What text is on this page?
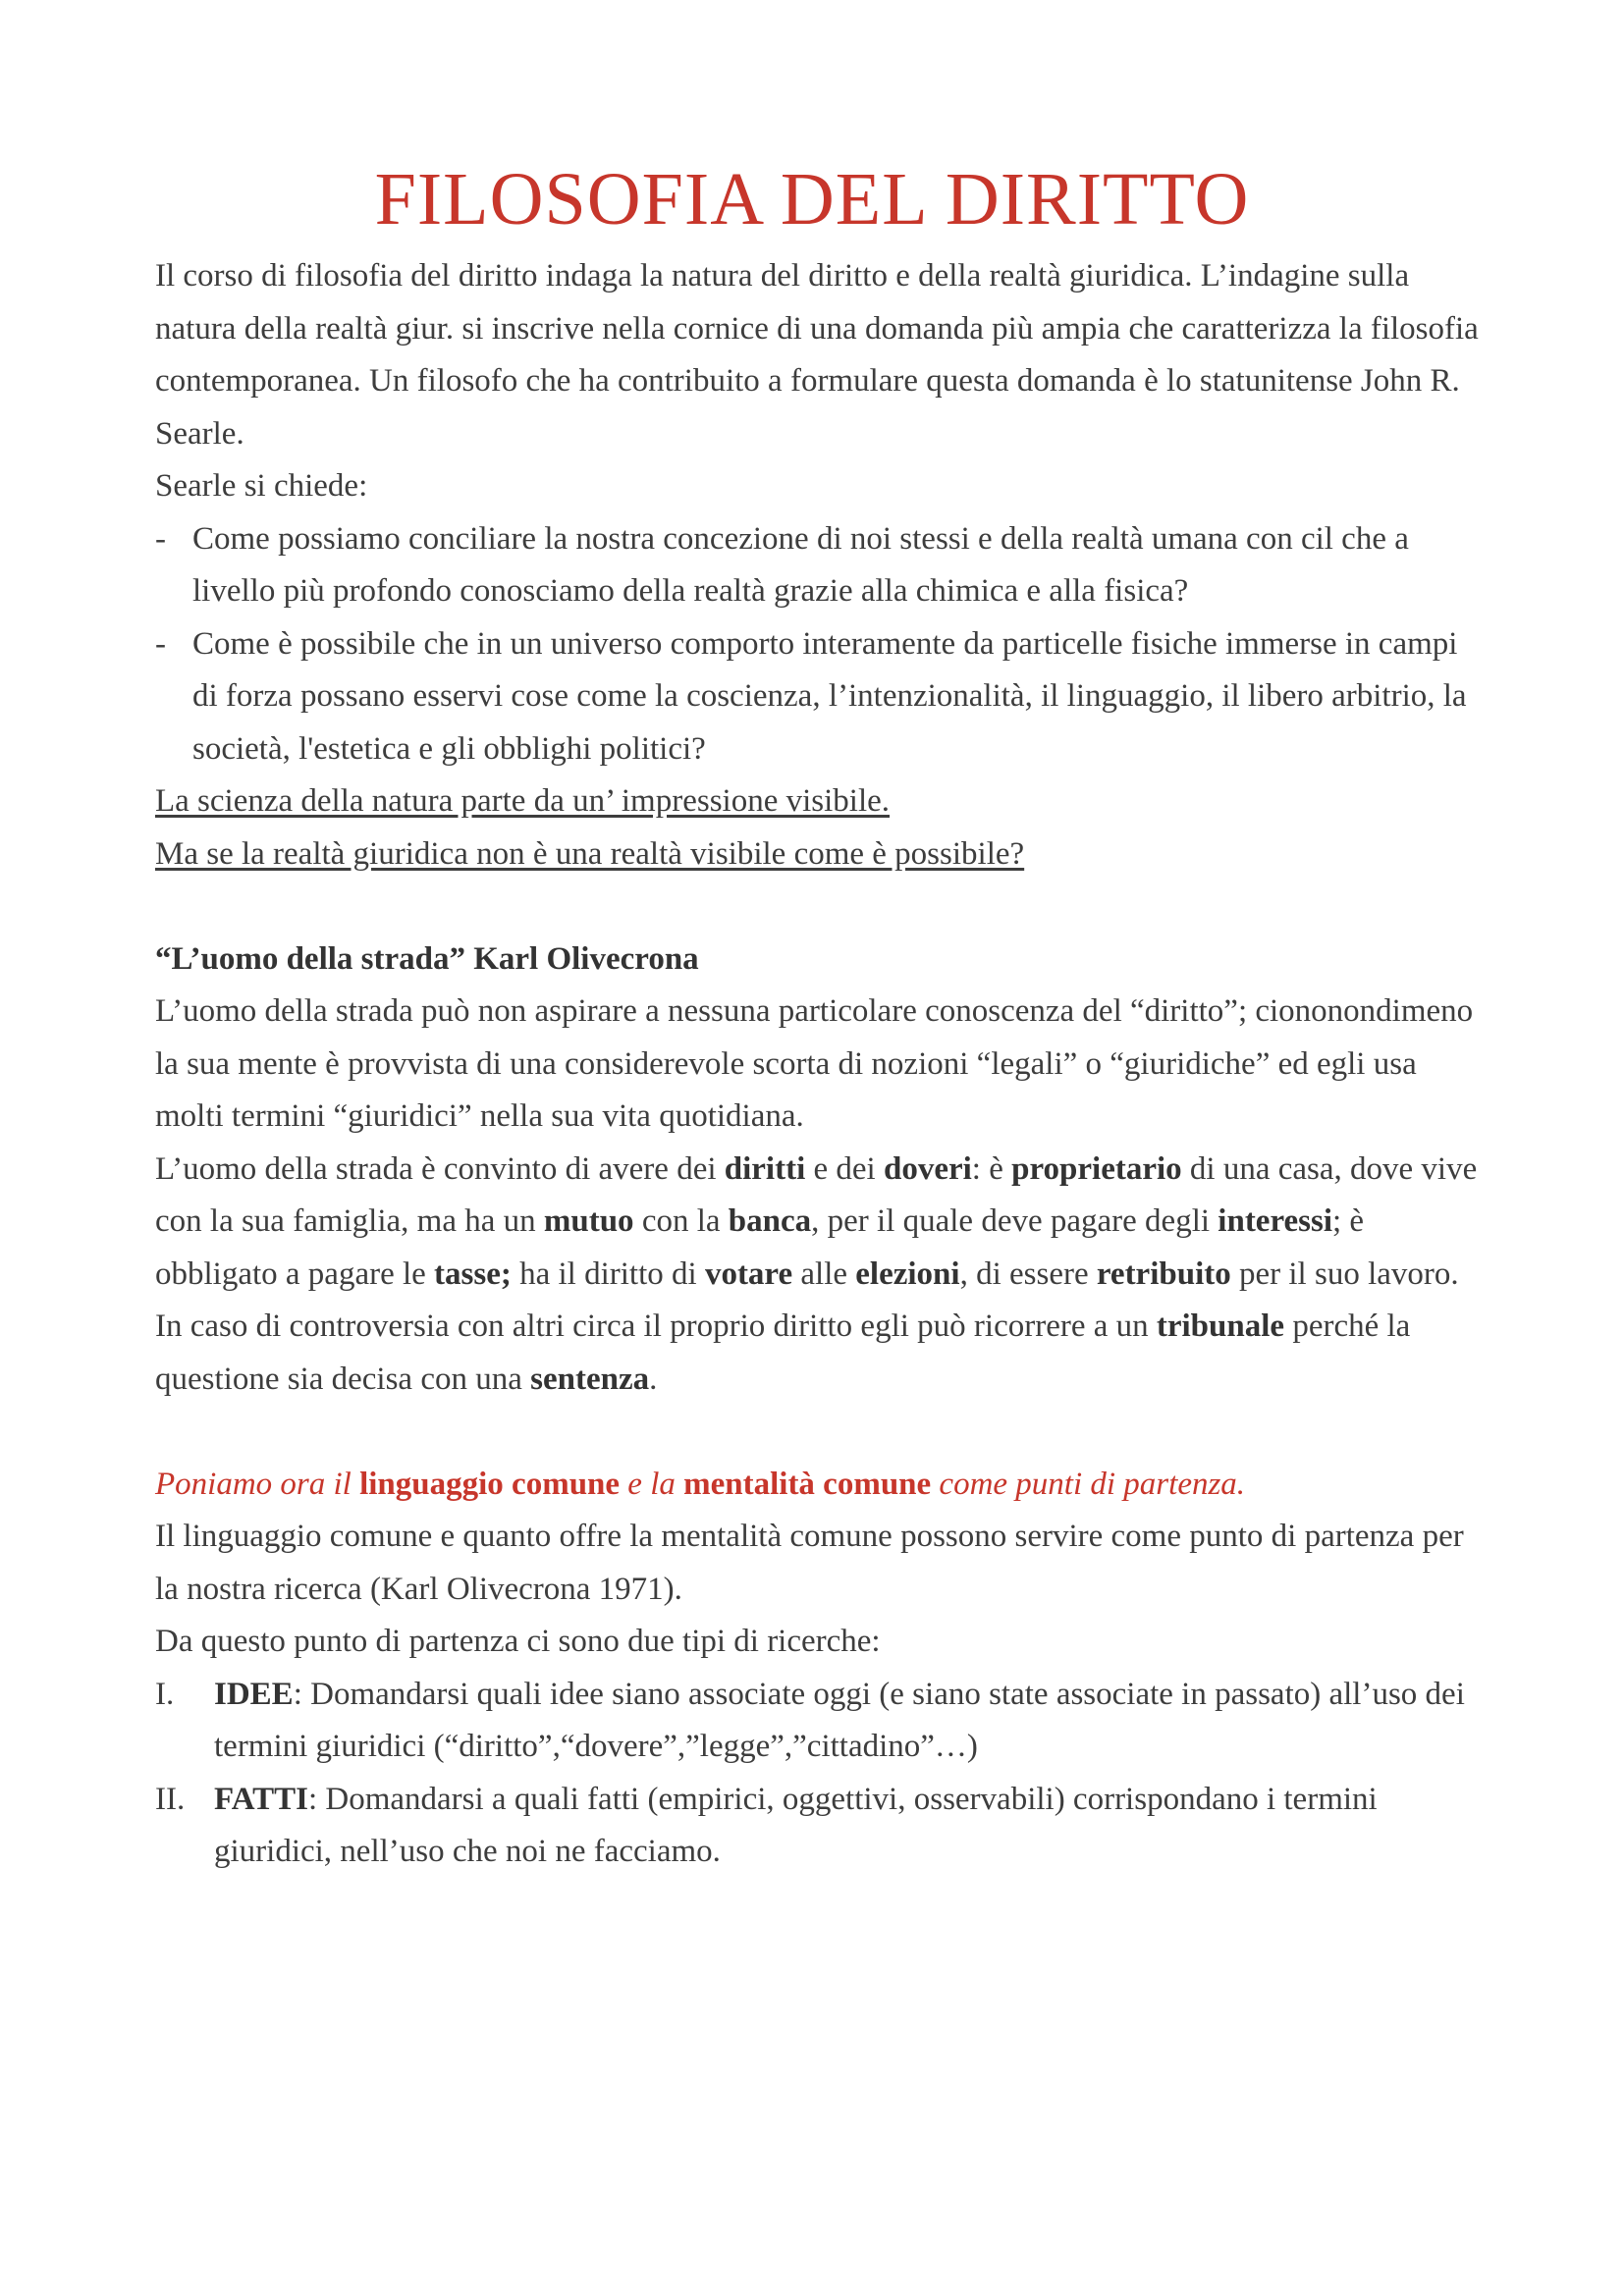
FILOSOFIA DEL DIRITTO

Il corso di filosofia del diritto indaga la natura del diritto e della realtà giuridica. L’indagine sulla natura della realtà giur. si inscrive nella cornice di una domanda più ampia che caratterizza la filosofia contemporanea. Un filosofo che ha contribuito a formulare questa domanda è lo statunitense John R. Searle.

Searle si chiede:

- Come possiamo conciliare la nostra concezione di noi stessi e della realtà umana con cil che a livello più profondo conosciamo della realtà grazie alla chimica e alla fisica?
- Come è possibile che in un universo comporto interamente da particelle fisiche immerse in campi di forza possano esservi cose come la coscienza, l’intenzionalità, il linguaggio, il libero arbitrio, la società, l'estetica e gli obblighi politici?

La scienza della natura parte da un’ impressione visibile.

Ma se la realtà giuridica non è una realtà visibile come è possibile?

“L’uomo della strada” Karl Olivecrona

L’uomo della strada può non aspirare a nessuna particolare conoscenza del “diritto”; ciononondimeno la sua mente è provvista di una considerevole scorta di nozioni “legali” o “giuridiche” ed egli usa molti termini “giuridici” nella sua vita quotidiana.

L’uomo della strada è convinto di avere dei diritti e dei doveri: è proprietario di una casa, dove vive con la sua famiglia, ma ha un mutuo con la banca, per il quale deve pagare degli interessi; è obbligato a pagare le tasse; ha il diritto di votare alle elezioni, di essere retribuito per il suo lavoro. In caso di controversia con altri circa il proprio diritto egli può ricorrere a un tribunale perché la questione sia decisa con una sentenza.

Poniamo ora il linguaggio comune e la mentalità comune come punti di partenza.

Il linguaggio comune e quanto offre la mentalità comune possono servire come punto di partenza per la nostra ricerca (Karl Olivecrona 1971).

Da questo punto di partenza ci sono due tipi di ricerche:

I. IDEE: Domandarsi quali idee siano associate oggi (e siano state associate in passato) all’uso dei termini giuridici (“diritto”,“dovere”,”legge”,”cittadino”…)
II. FATTI: Domandarsi a quali fatti (empirici, oggettivi, osservabili) corrispondano i termini giuridici, nell’uso che noi ne facciamo.
